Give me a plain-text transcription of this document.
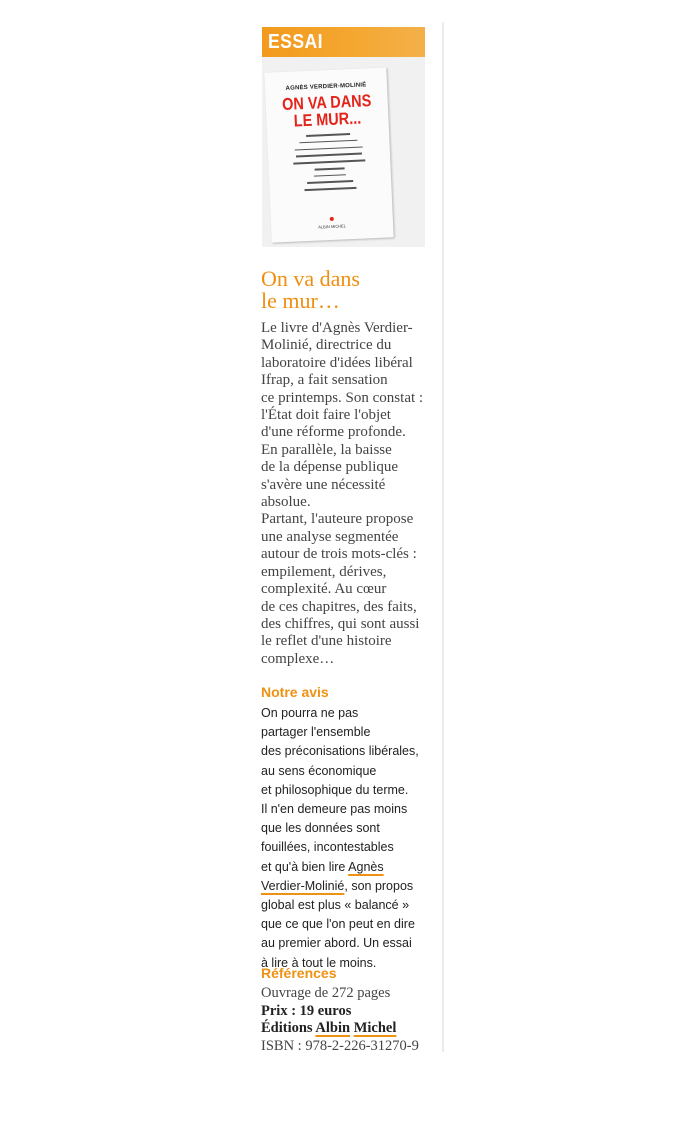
ESSAI
AGNÈS VERDIER-MOLINIÉ
ON VA DANS
LE MUR...
ALBIN MICHEL
On va dans
le mur…
Le livre d'Agnès Verdier-
Molinié, directrice du
laboratoire d'idées libéral
Ifrap, a fait sensation
ce printemps. Son constat :
l'État doit faire l'objet
d'une réforme profonde.
En parallèle, la baisse
de la dépense publique
s'avère une nécessité
absolue.
Partant, l'auteure propose
une analyse segmentée
autour de trois mots-clés :
empilement, dérives,
complexité. Au cœur
de ces chapitres, des faits,
des chiffres, qui sont aussi
le reflet d'une histoire
complexe…
Notre avis
On pourra ne pas
partager l'ensemble
des préconisations libérales,
au sens économique
et philosophique du terme.
Il n'en demeure pas moins
que les données sont
fouillées, incontestables
et qu'à bien lire Agnès
Verdier-Molinié, son propos
global est plus « balancé »
que ce que l'on peut en dire
au premier abord. Un essai
à lire à tout le moins.
Références
Ouvrage de 272 pages
Prix : 19 euros
Éditions Albin Michel
ISBN : 978-2-226-31270-9
